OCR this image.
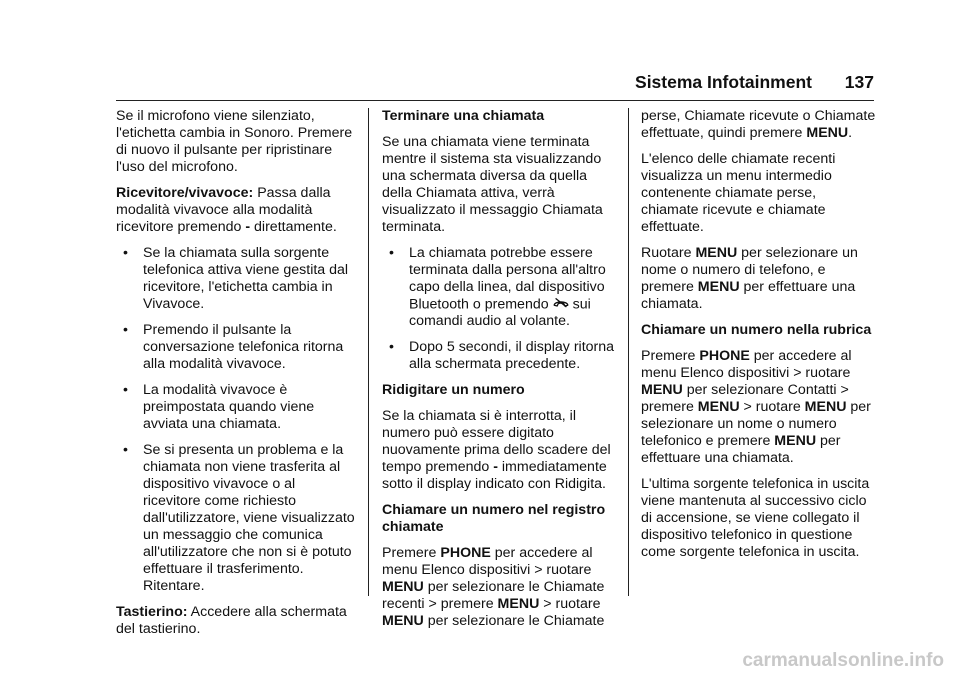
Sistema Infotainment 137

Se il microfono viene silenziato, l'etichetta cambia in Sonoro. Premere di nuovo il pulsante per ripristinare l'uso del microfono.

Ricevitore/vivavoce: Passa dalla modalità vivavoce alla modalità ricevitore premendo - direttamente.

• Se la chiamata sulla sorgente telefonica attiva viene gestita dal ricevitore, l'etichetta cambia in Vivavoce.
• Premendo il pulsante la conversazione telefonica ritorna alla modalità vivavoce.
• La modalità vivavoce è preimpostata quando viene avviata una chiamata.
• Se si presenta un problema e la chiamata non viene trasferita al dispositivo vivavoce o al ricevitore come richiesto dall'utilizzatore, viene visualizzato un messaggio che comunica all'utilizzatore che non si è potuto effettuare il trasferimento. Ritentare.

Tastierino: Accedere alla schermata del tastierino.

Terminare una chiamata

Se una chiamata viene terminata mentre il sistema sta visualizzando una schermata diversa da quella della Chiamata attiva, verrà visualizzato il messaggio Chiamata terminata.

• La chiamata potrebbe essere terminata dalla persona all'altro capo della linea, dal dispositivo Bluetooth o premendo sui comandi audio al volante.
• Dopo 5 secondi, il display ritorna alla schermata precedente.
Ridigitare un numero

Se la chiamata si è interrotta, il numero può essere digitato nuovamente prima dello scadere del tempo premendo - immediatamente sotto il display indicato con Ridigita.

Chiamare un numero nel registro chiamate

Premere PHONE per accedere al menu Elenco dispositivi > ruotare MENU per selezionare le Chiamate recenti > premere MENU > ruotare MENU per selezionare le Chiamate

perse, Chiamate ricevute o Chiamate effettuate, quindi premere MENU.

L'elenco delle chiamate recenti visualizza un menu intermedio contenente chiamate perse, chiamate ricevute e chiamate effettuate.

Ruotare MENU per selezionare un nome o numero di telefono, e premere MENU per effettuare una chiamata.

Chiamare un numero nella rubrica

Premere PHONE per accedere al menu Elenco dispositivi > ruotare MENU per selezionare Contatti > premere MENU > ruotare MENU per selezionare un nome o numero telefonico e premere MENU per effettuare una chiamata.

L'ultima sorgente telefonica in uscita viene mantenuta al successivo ciclo di accensione, se viene collegato il dispositivo telefonico in questione come sorgente telefonica in uscita.

carmanualsonline.info
